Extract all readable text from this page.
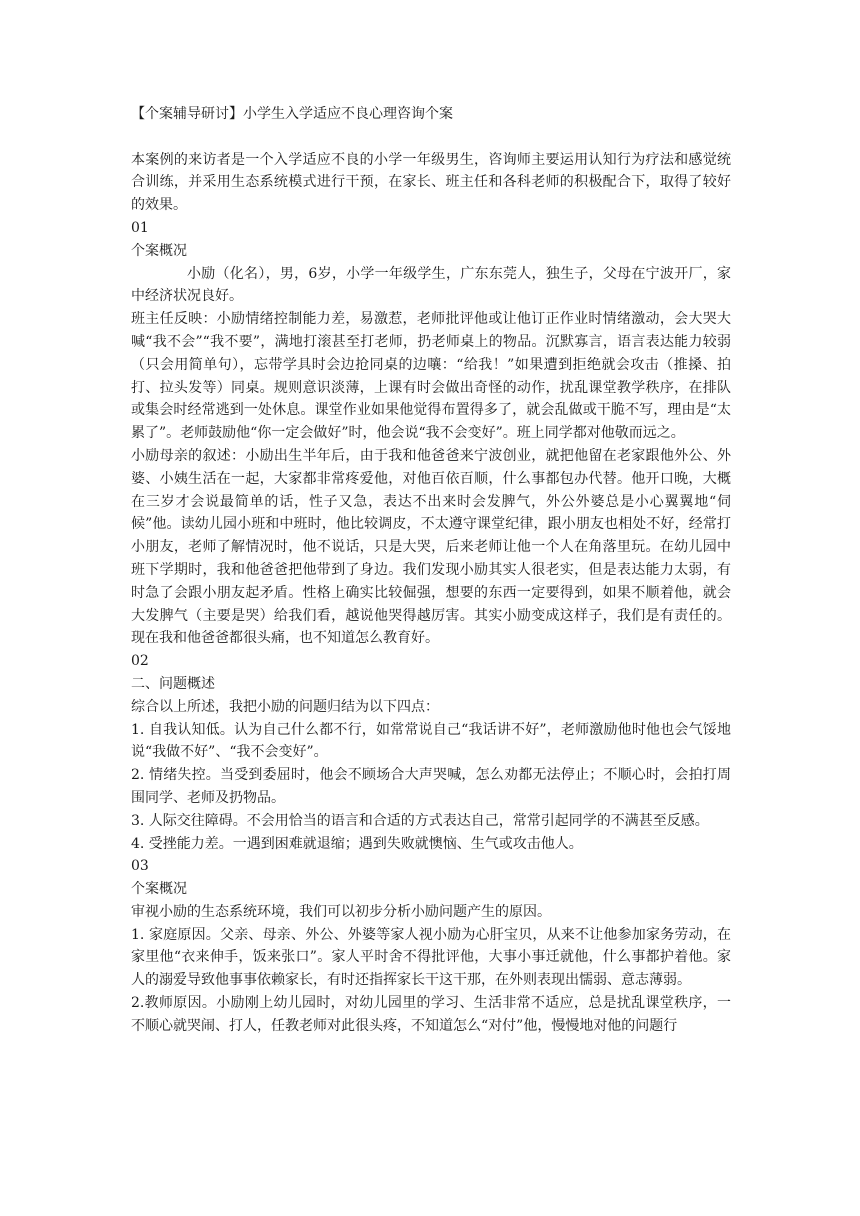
【个案辅导研讨】小学生入学适应不良心理咨询个案

本案例的来访者是一个入学适应不良的小学一年级男生，咨询师主要运用认知行为疗法和感觉统合训练，并采用生态系统模式进行干预，在家长、班主任和各科老师的积极配合下，取得了较好的效果。

01

个案概况

小励（化名），男，6岁，小学一年级学生，广东东莞人，独生子，父母在宁波开厂，家中经济状况良好。

班主任反映：小励情绪控制能力差，易激惹，老师批评他或让他订正作业时情绪激动，会大哭大喊“我不会”“我不要”，满地打滚甚至打老师，扔老师桌上的物品。沉默寡言，语言表达能力较弱（只会用简单句），忘带学具时会边抢同桌的边嚷：“给我！”如果遭到拒绝就会攻击（推搡、拍打、拉头发等）同桌。规则意识淡薄，上课有时会做出奇怪的动作，扰乱课堂教学秩序，在排队或集会时经常逃到一处休息。课堂作业如果他觉得布置得多了，就会乱做或干脆不写，理由是“太累了”。老师鼓励他“你一定会做好”时，他会说“我不会变好”。班上同学都对他敬而远之。

小励母亲的叙述：小励出生半年后，由于我和他爸爸来宁波创业，就把他留在老家跟他外公、外婆、小姨生活在一起，大家都非常疼爱他，对他百依百顺，什么事都包办代替。他开口晚，大概在三岁才会说最简单的话，性子又急，表达不出来时会发脾气，外公外婆总是小心翼翼地“伺候”他。读幼儿园小班和中班时，他比较调皮，不太遵守课堂纪律，跟小朋友也相处不好，经常打小朋友，老师了解情况时，他不说话，只是大哭，后来老师让他一个人在角落里玩。在幼儿园中班下学期时，我和他爸爸把他带到了身边。我们发现小励其实人很老实，但是表达能力太弱，有时急了会跟小朋友起矛盾。性格上确实比较倔强，想要的东西一定要得到，如果不顺着他，就会大发脾气（主要是哭）给我们看，越说他哭得越厉害。其实小励变成这样子，我们是有责任的。现在我和他爸爸都很头痛，也不知道怎么教育好。

02

二、问题概述

综合以上所述，我把小励的问题归结为以下四点：

1. 自我认知低。认为自己什么都不行，如常常说自己“我话讲不好”，老师激励他时他也会气馁地说“我做不好”、“我不会变好”。

2. 情绪失控。当受到委屈时，他会不顾场合大声哭喊，怎么劝都无法停止；不顺心时，会拍打周围同学、老师及扔物品。

3. 人际交往障碍。不会用恰当的语言和合适的方式表达自己，常常引起同学的不满甚至反感。

4. 受挫能力差。一遇到困难就退缩；遇到失败就懊恼、生气或攻击他人。

03

个案概况

审视小励的生态系统环境，我们可以初步分析小励问题产生的原因。

1. 家庭原因。父亲、母亲、外公、外婆等家人视小励为心肝宝贝，从来不让他参加家务劳动，在家里他“衣来伸手，饭来张口”。家人平时舍不得批评他，大事小事迁就他，什么事都护着他。家人的溺爱导致他事事依赖家长，有时还指挥家长干这干那，在外则表现出懦弱、意志薄弱。

2.教师原因。小励刚上幼儿园时，对幼儿园里的学习、生活非常不适应，总是扰乱课堂秩序，一不顺心就哭闹、打人，任教老师对此很头疼，不知道怎么“对付”他，慢慢地对他的问题行
